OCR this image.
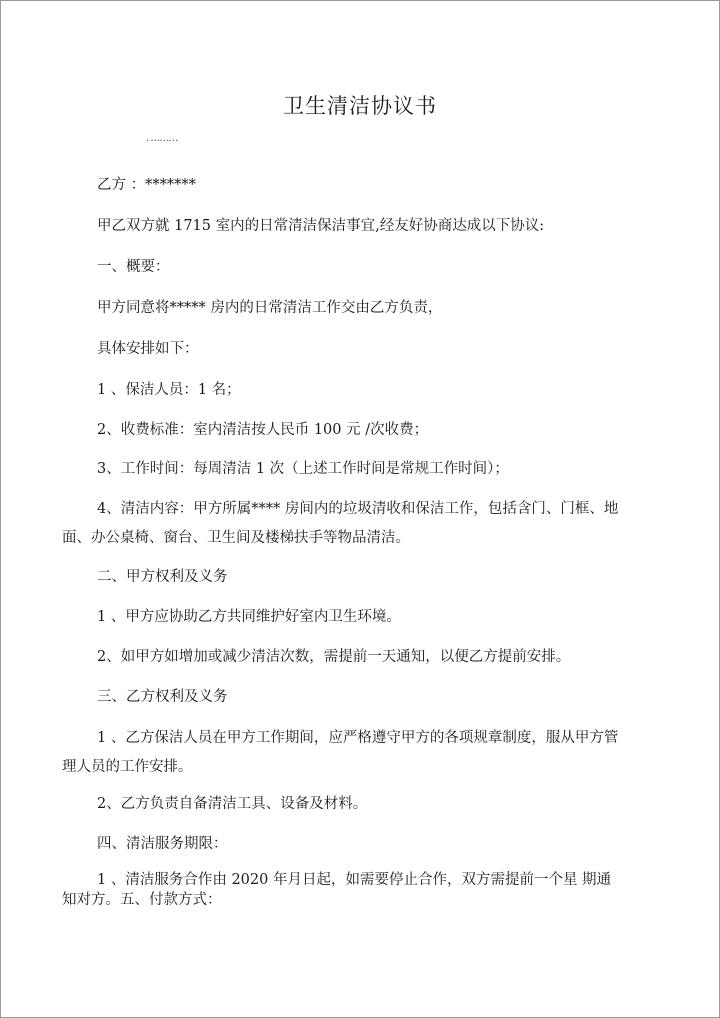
卫生清洁协议书
. ………
乙方 ：*******
甲乙双方就 1715 室内的日常清洁保洁事宜,经友好协商达成以下协议:
一、概要：
甲方同意将***** 房内的日常清洁工作交由乙方负责，
具体安排如下：
1 、保洁人员：1 名；
2、收费标准：室内清洁按人民币 100 元 /次收费；
3、工作时间：每周清洁 1 次（上述工作时间是常规工作时间）；
4、清洁内容：甲方所属**** 房间内的垃圾清收和保洁工作，包括含门、门框、地面、办公桌椅、窗台、卫生间及楼梯扶手等物品清洁。
二、甲方权利及义务
1 、甲方应协助乙方共同维护好室内卫生环境。
2、如甲方如增加或减少清洁次数，需提前一天通知，以便乙方提前安排。
三、乙方权利及义务
1 、乙方保洁人员在甲方工作期间，应严格遵守甲方的各项规章制度，服从甲方管理人员的工作安排。
2、乙方负责自备清洁工具、设备及材料。
四、清洁服务期限：
1 、清洁服务合作由 2020 年月日起，如需要停止合作，双方需提前一个星 期通知对方。五、付款方式：
